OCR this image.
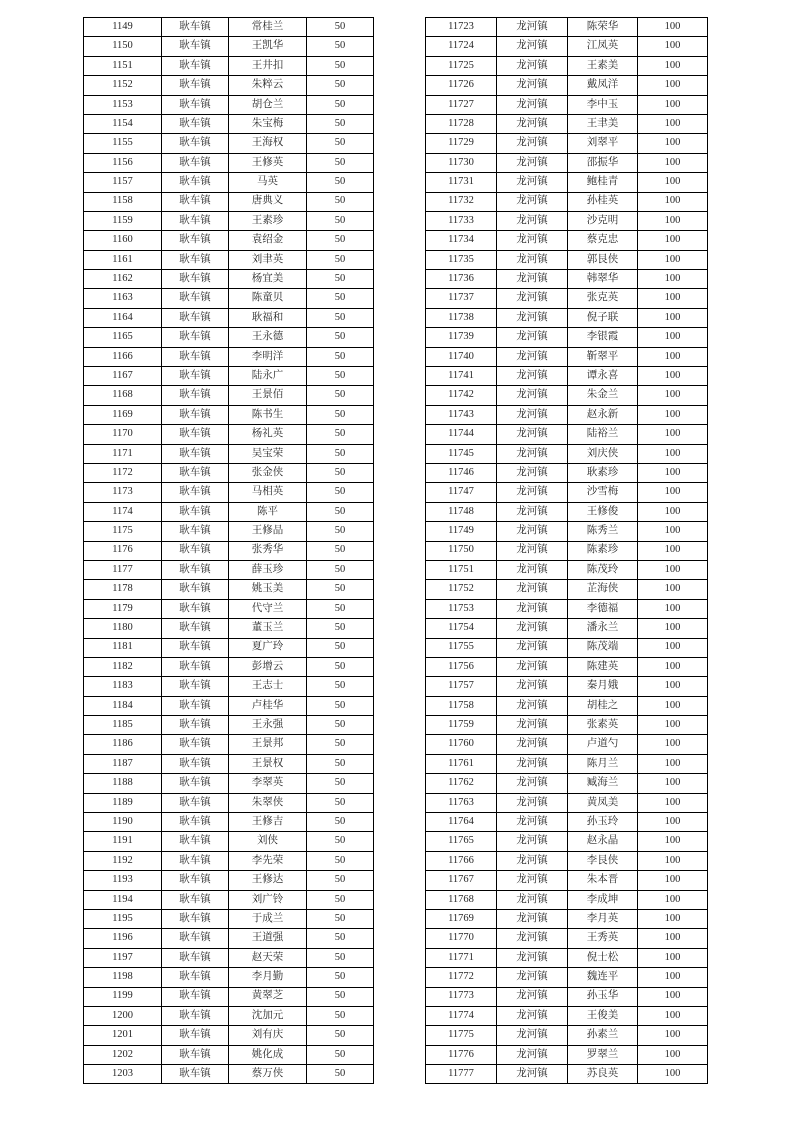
1149	耿车镇	常桂兰	50
1150	耿车镇	王凯华	50
1151	耿车镇	王井扣	50
1152	耿车镇	朱粹云	50
1153	耿车镇	胡仓兰	50
1154	耿车镇	朱宝梅	50
1155	耿车镇	王海权	50
1156	耿车镇	王修英	50
1157	耿车镇	马英	50
1158	耿车镇	唐典义	50
1159	耿车镇	王素珍	50
1160	耿车镇	袁绍金	50
1161	耿车镇	刘聿英	50
1162	耿车镇	杨宜美	50
1163	耿车镇	陈童贝	50
1164	耿车镇	耿福和	50
1165	耿车镇	王永德	50
1166	耿车镇	李明洋	50
1167	耿车镇	陆永广	50
1168	耿车镇	王景佰	50
1169	耿车镇	陈书生	50
1170	耿车镇	杨礼英	50
1171	耿车镇	吴宝荣	50
1172	耿车镇	张金侠	50
1173	耿车镇	马相英	50
1174	耿车镇	陈平	50
1175	耿车镇	王修品	50
1176	耿车镇	张秀华	50
1177	耿车镇	薛玉珍	50
1178	耿车镇	姚玉美	50
1179	耿车镇	代守兰	50
1180	耿车镇	董玉兰	50
1181	耿车镇	夏广玲	50
1182	耿车镇	彭增云	50
1183	耿车镇	王志士	50
1184	耿车镇	卢桂华	50
1185	耿车镇	王永强	50
1186	耿车镇	王景邦	50
1187	耿车镇	王景权	50
1188	耿车镇	李翠英	50
1189	耿车镇	朱翠侠	50
1190	耿车镇	王修吉	50
1191	耿车镇	刘侠	50
1192	耿车镇	李先荣	50
1193	耿车镇	王修达	50
1194	耿车镇	刘广铃	50
1195	耿车镇	于成兰	50
1196	耿车镇	王道强	50
1197	耿车镇	赵天荣	50
1198	耿车镇	李月勤	50
1199	耿车镇	黄翠芝	50
1200	耿车镇	沈加元	50
1201	耿车镇	刘有庆	50
1202	耿车镇	姚化成	50
1203	耿车镇	蔡万侠	50
11723	龙河镇	陈荣华	100
11724	龙河镇	江凤英	100
11725	龙河镇	王素美	100
11726	龙河镇	戴凤洋	100
11727	龙河镇	李中玉	100
11728	龙河镇	王聿美	100
11729	龙河镇	刘翠平	100
11730	龙河镇	邵振华	100
11731	龙河镇	鲍桂青	100
11732	龙河镇	孙桂英	100
11733	龙河镇	沙克明	100
11734	龙河镇	蔡克忠	100
11735	龙河镇	郭艮侠	100
11736	龙河镇	韩翠华	100
11737	龙河镇	张克英	100
11738	龙河镇	倪子联	100
11739	龙河镇	李银霞	100
11740	龙河镇	靳翠平	100
11741	龙河镇	谭永喜	100
11742	龙河镇	朱金兰	100
11743	龙河镇	赵永新	100
11744	龙河镇	陆裕兰	100
11745	龙河镇	刘庆侠	100
11746	龙河镇	耿素珍	100
11747	龙河镇	沙雪梅	100
11748	龙河镇	王修俊	100
11749	龙河镇	陈秀兰	100
11750	龙河镇	陈素珍	100
11751	龙河镇	陈茂玲	100
11752	龙河镇	芷海侠	100
11753	龙河镇	李德福	100
11754	龙河镇	潘永兰	100
11755	龙河镇	陈茂端	100
11756	龙河镇	陈建英	100
11757	龙河镇	秦月娥	100
11758	龙河镇	胡桂之	100
11759	龙河镇	张素英	100
11760	龙河镇	卢道勺	100
11761	龙河镇	陈月兰	100
11762	龙河镇	臧海兰	100
11763	龙河镇	黄凤美	100
11764	龙河镇	孙玉玲	100
11765	龙河镇	赵永晶	100
11766	龙河镇	李艮侠	100
11767	龙河镇	朱本晋	100
11768	龙河镇	李成坤	100
11769	龙河镇	李月英	100
11770	龙河镇	王秀英	100
11771	龙河镇	倪士松	100
11772	龙河镇	魏连平	100
11773	龙河镇	孙玉华	100
11774	龙河镇	王俊美	100
11775	龙河镇	孙素兰	100
11776	龙河镇	罗翠兰	100
11777	龙河镇	苏良英	100
